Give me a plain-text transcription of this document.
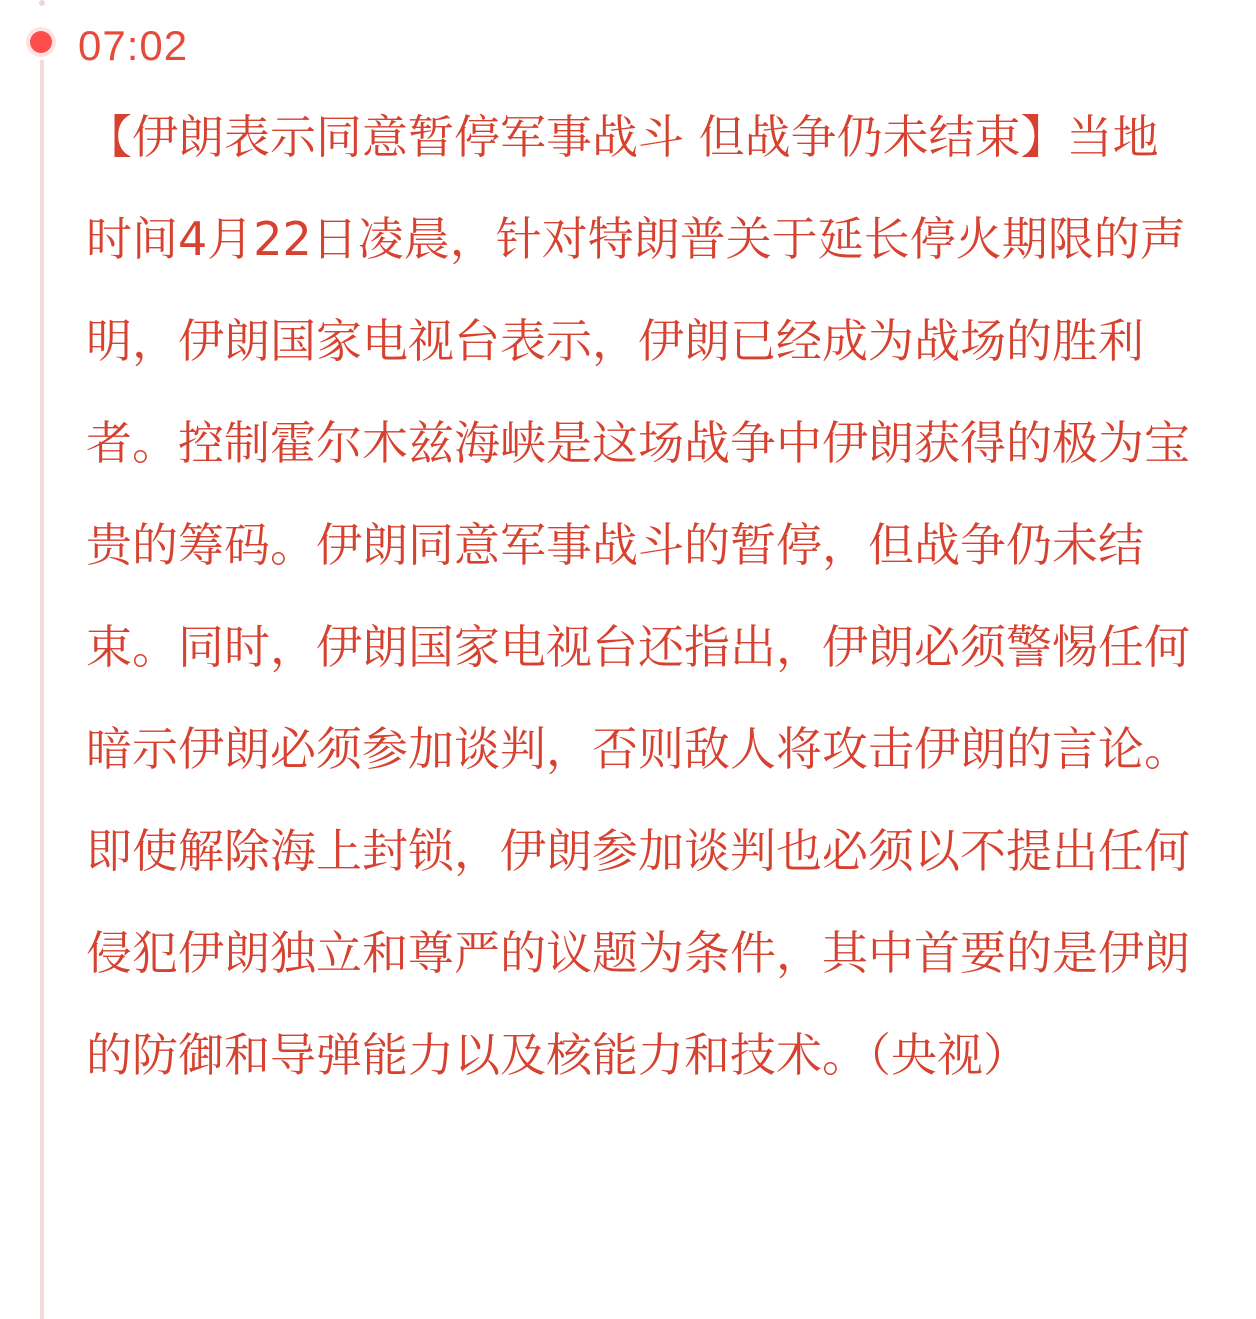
07:02

【伊朗表示同意暂停军事战斗 但战争仍未结束】当地时间4月22日凌晨，针对特朗普关于延长停火期限的声明，伊朗国家电视台表示，伊朗已经成为战场的胜利者。控制霍尔木兹海峡是这场战争中伊朗获得的极为宝贵的筹码。伊朗同意军事战斗的暂停，但战争仍未结束。同时，伊朗国家电视台还指出，伊朗必须警惕任何暗示伊朗必须参加谈判，否则敌人将攻击伊朗的言论。即使解除海上封锁，伊朗参加谈判也必须以不提出任何侵犯伊朗独立和尊严的议题为条件，其中首要的是伊朗的防御和导弹能力以及核能力和技术。（央视）
